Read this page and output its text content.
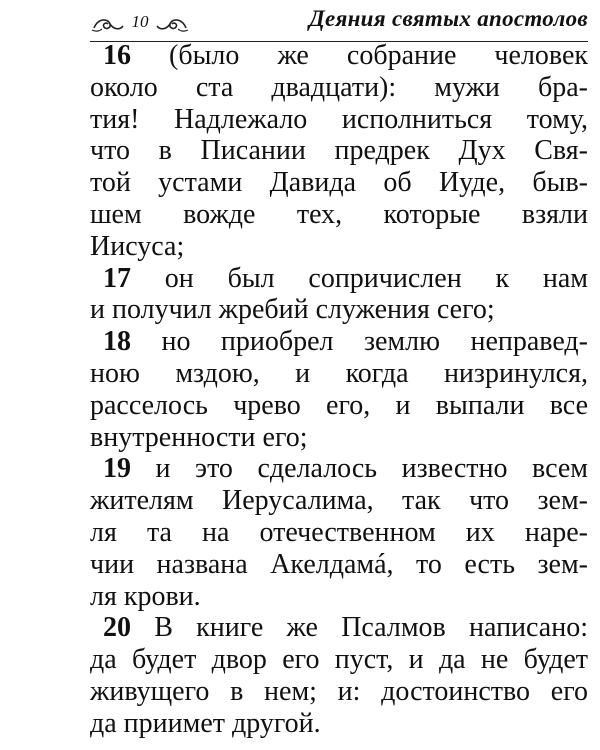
10	Деяния святых апостолов

16 (было же собрание человек
около ста двадцати): мужи бра-
тия! Надлежало исполниться тому,
что в Писании предрек Дух Свя-
той устами Давида об Иуде, быв-
шем вожде тех, которые взяли
Иисуса;

17 он был сопричислен к нам
и получил жребий служения сего;

18 но приобрел землю неправед-
ною мздою, и когда низринулся,
расселось чрево его, и выпали все
внутренности его;

19 и это сделалось известно всем
жителям Иерусалима, так что зем-
ля та на отечественном их наре-
чии названа Акелдамá, то есть зем-
ля крови.

20 В книге же Псалмов написано:
да будет двор его пуст, и да не будет
живущего в нем; и: достоинство его
да приимет другой.
